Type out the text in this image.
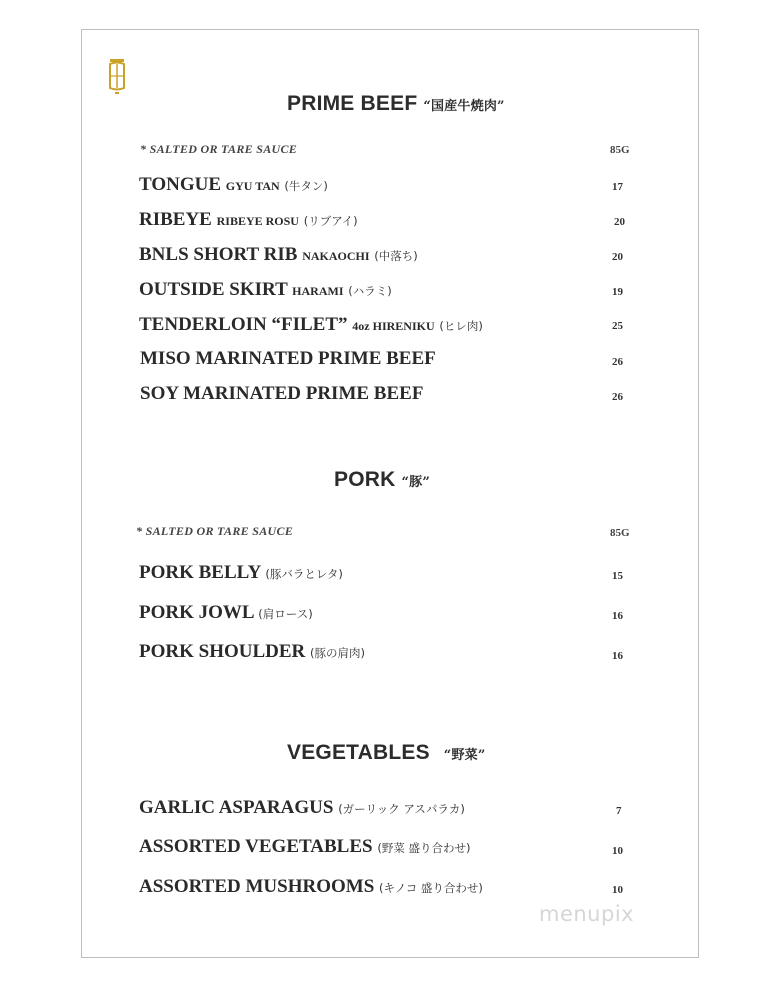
PRIME BEEF “国産牛焼肉”
* SALTED OR TARE SAUCE	85G
TONGUE GYU TAN (牛タン)	17
RIBEYE RIBEYE ROSU (リブアイ)	20
BNLS SHORT RIB NAKAOCHI (中落ち)	20
OUTSIDE SKIRT HARAMI (ハラミ)	19
TENDERLOIN “FILET” 4oz HIRENIKU (ヒレ肉)	25
MISO MARINATED PRIME BEEF	26
SOY MARINATED PRIME BEEF	26
PORK “豚”
* SALTED OR TARE SAUCE	85G
PORK BELLY (豚バラとレタ)	15
PORK JOWL (肩ロース)	16
PORK SHOULDER (豚の肩肉)	16
VEGETABLES “野菜”
GARLIC ASPARAGUS (ガーリック アスパラカ)	7
ASSORTED VEGETABLES (野菜 盛り合わせ)	10
ASSORTED MUSHROOMS (キノコ 盛り合わせ)	10
menupix
